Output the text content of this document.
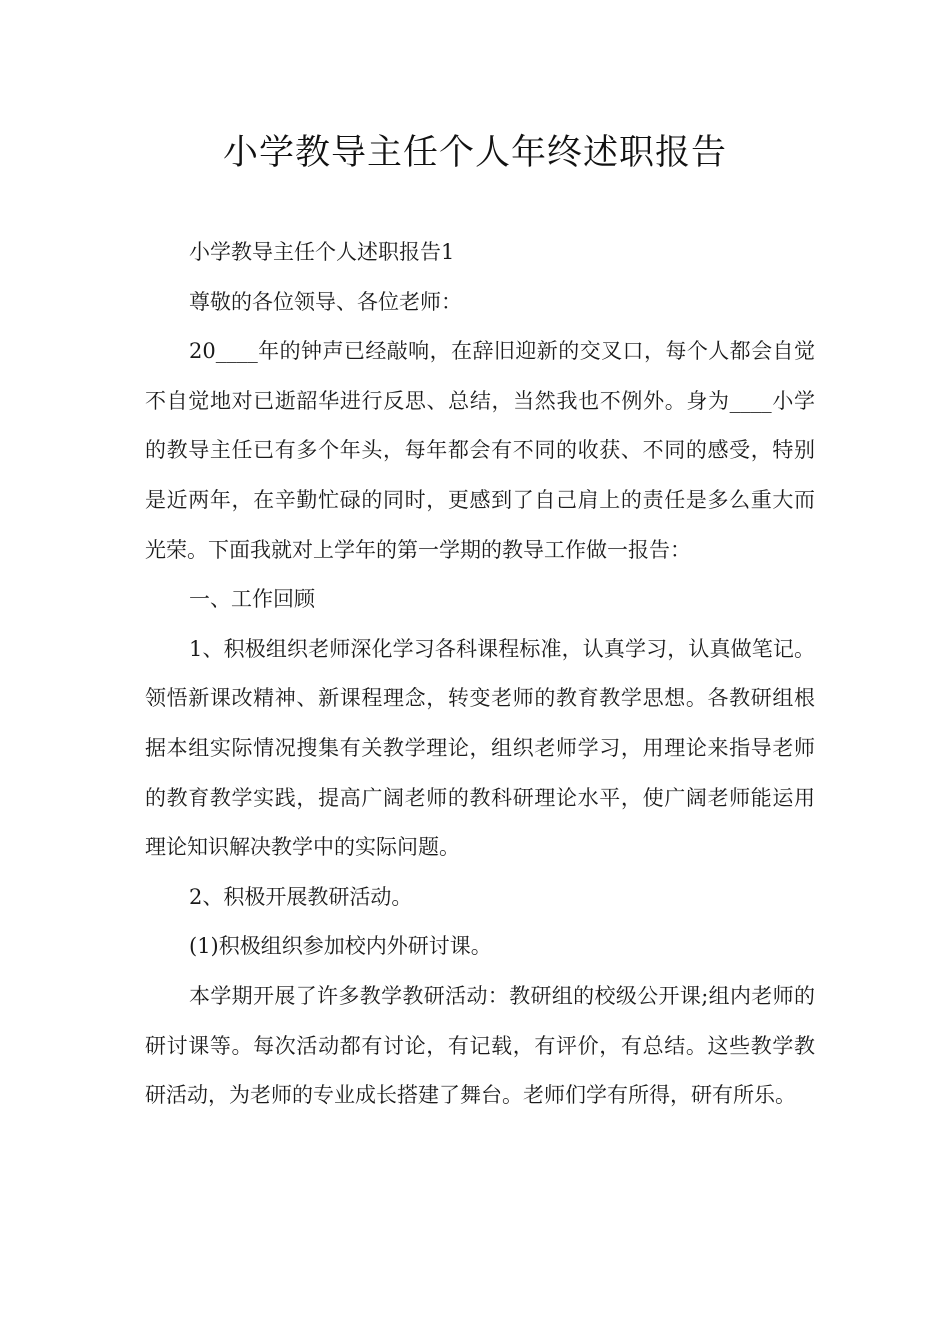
小学教导主任个人年终述职报告

小学教导主任个人述职报告1

尊敬的各位领导、各位老师：

20____年的钟声已经敲响，在辞旧迎新的交叉口，每个人都会自觉不自觉地对已逝韶华进行反思、总结，当然我也不例外。身为____小学的教导主任已有多个年头，每年都会有不同的收获、不同的感受，特别是近两年，在辛勤忙碌的同时，更感到了自己肩上的责任是多么重大而光荣。下面我就对上学年的第一学期的教导工作做一报告：

一、工作回顾

1、积极组织老师深化学习各科课程标准，认真学习，认真做笔记。领悟新课改精神、新课程理念，转变老师的教育教学思想。各教研组根据本组实际情况搜集有关教学理论，组织老师学习，用理论来指导老师的教育教学实践，提高广阔老师的教科研理论水平，使广阔老师能运用理论知识解决教学中的实际问题。

2、积极开展教研活动。

(1)积极组织参加校内外研讨课。

本学期开展了许多教学教研活动：教研组的校级公开课;组内老师的研讨课等。每次活动都有讨论，有记载，有评价，有总结。这些教学教研活动，为老师的专业成长搭建了舞台。老师们学有所得，研有所乐。
